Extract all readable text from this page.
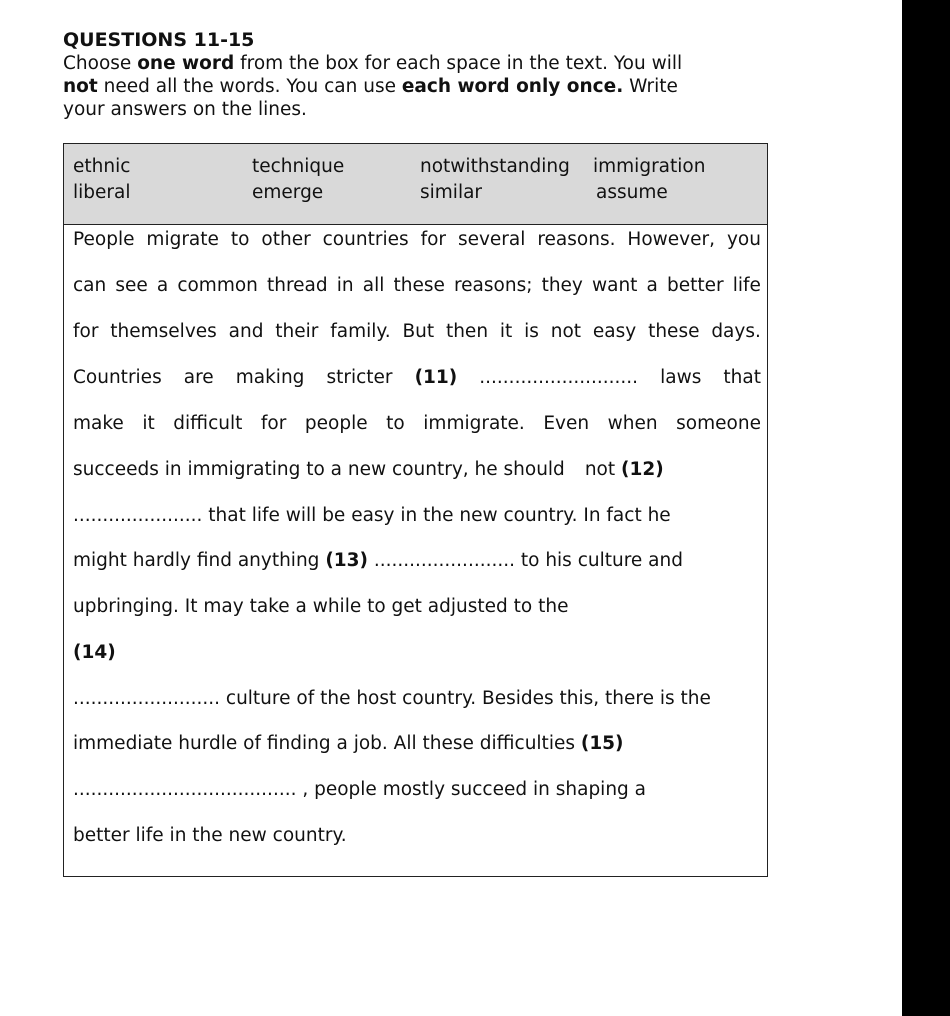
QUESTIONS 11-15
Choose one word from the box for each space in the text. You will
not need all the words. You can use each word only once. Write
your answers on the lines.
ethnic	technique	notwithstanding immigration
liberal	emerge	similar	assume
People migrate to other countries for several reasons. However, you
can see a common thread in all these reasons; they want a better life
for themselves and their family. But then it is not easy these days.
Countries are making stricter (11) ........................... laws that
make it difficult for people to immigrate. Even when someone
succeeds in immigrating to a new country, he should not (12)
...................... that life will be easy in the new country. In fact he
might hardly find anything (13) ........................ to his culture and
upbringing. It may take a while to get adjusted to the
(14)
......................... culture of the host country. Besides this, there is the
immediate hurdle of finding a job. All these difficulties (15)
...................................... , people mostly succeed in shaping a
better life in the new country.
